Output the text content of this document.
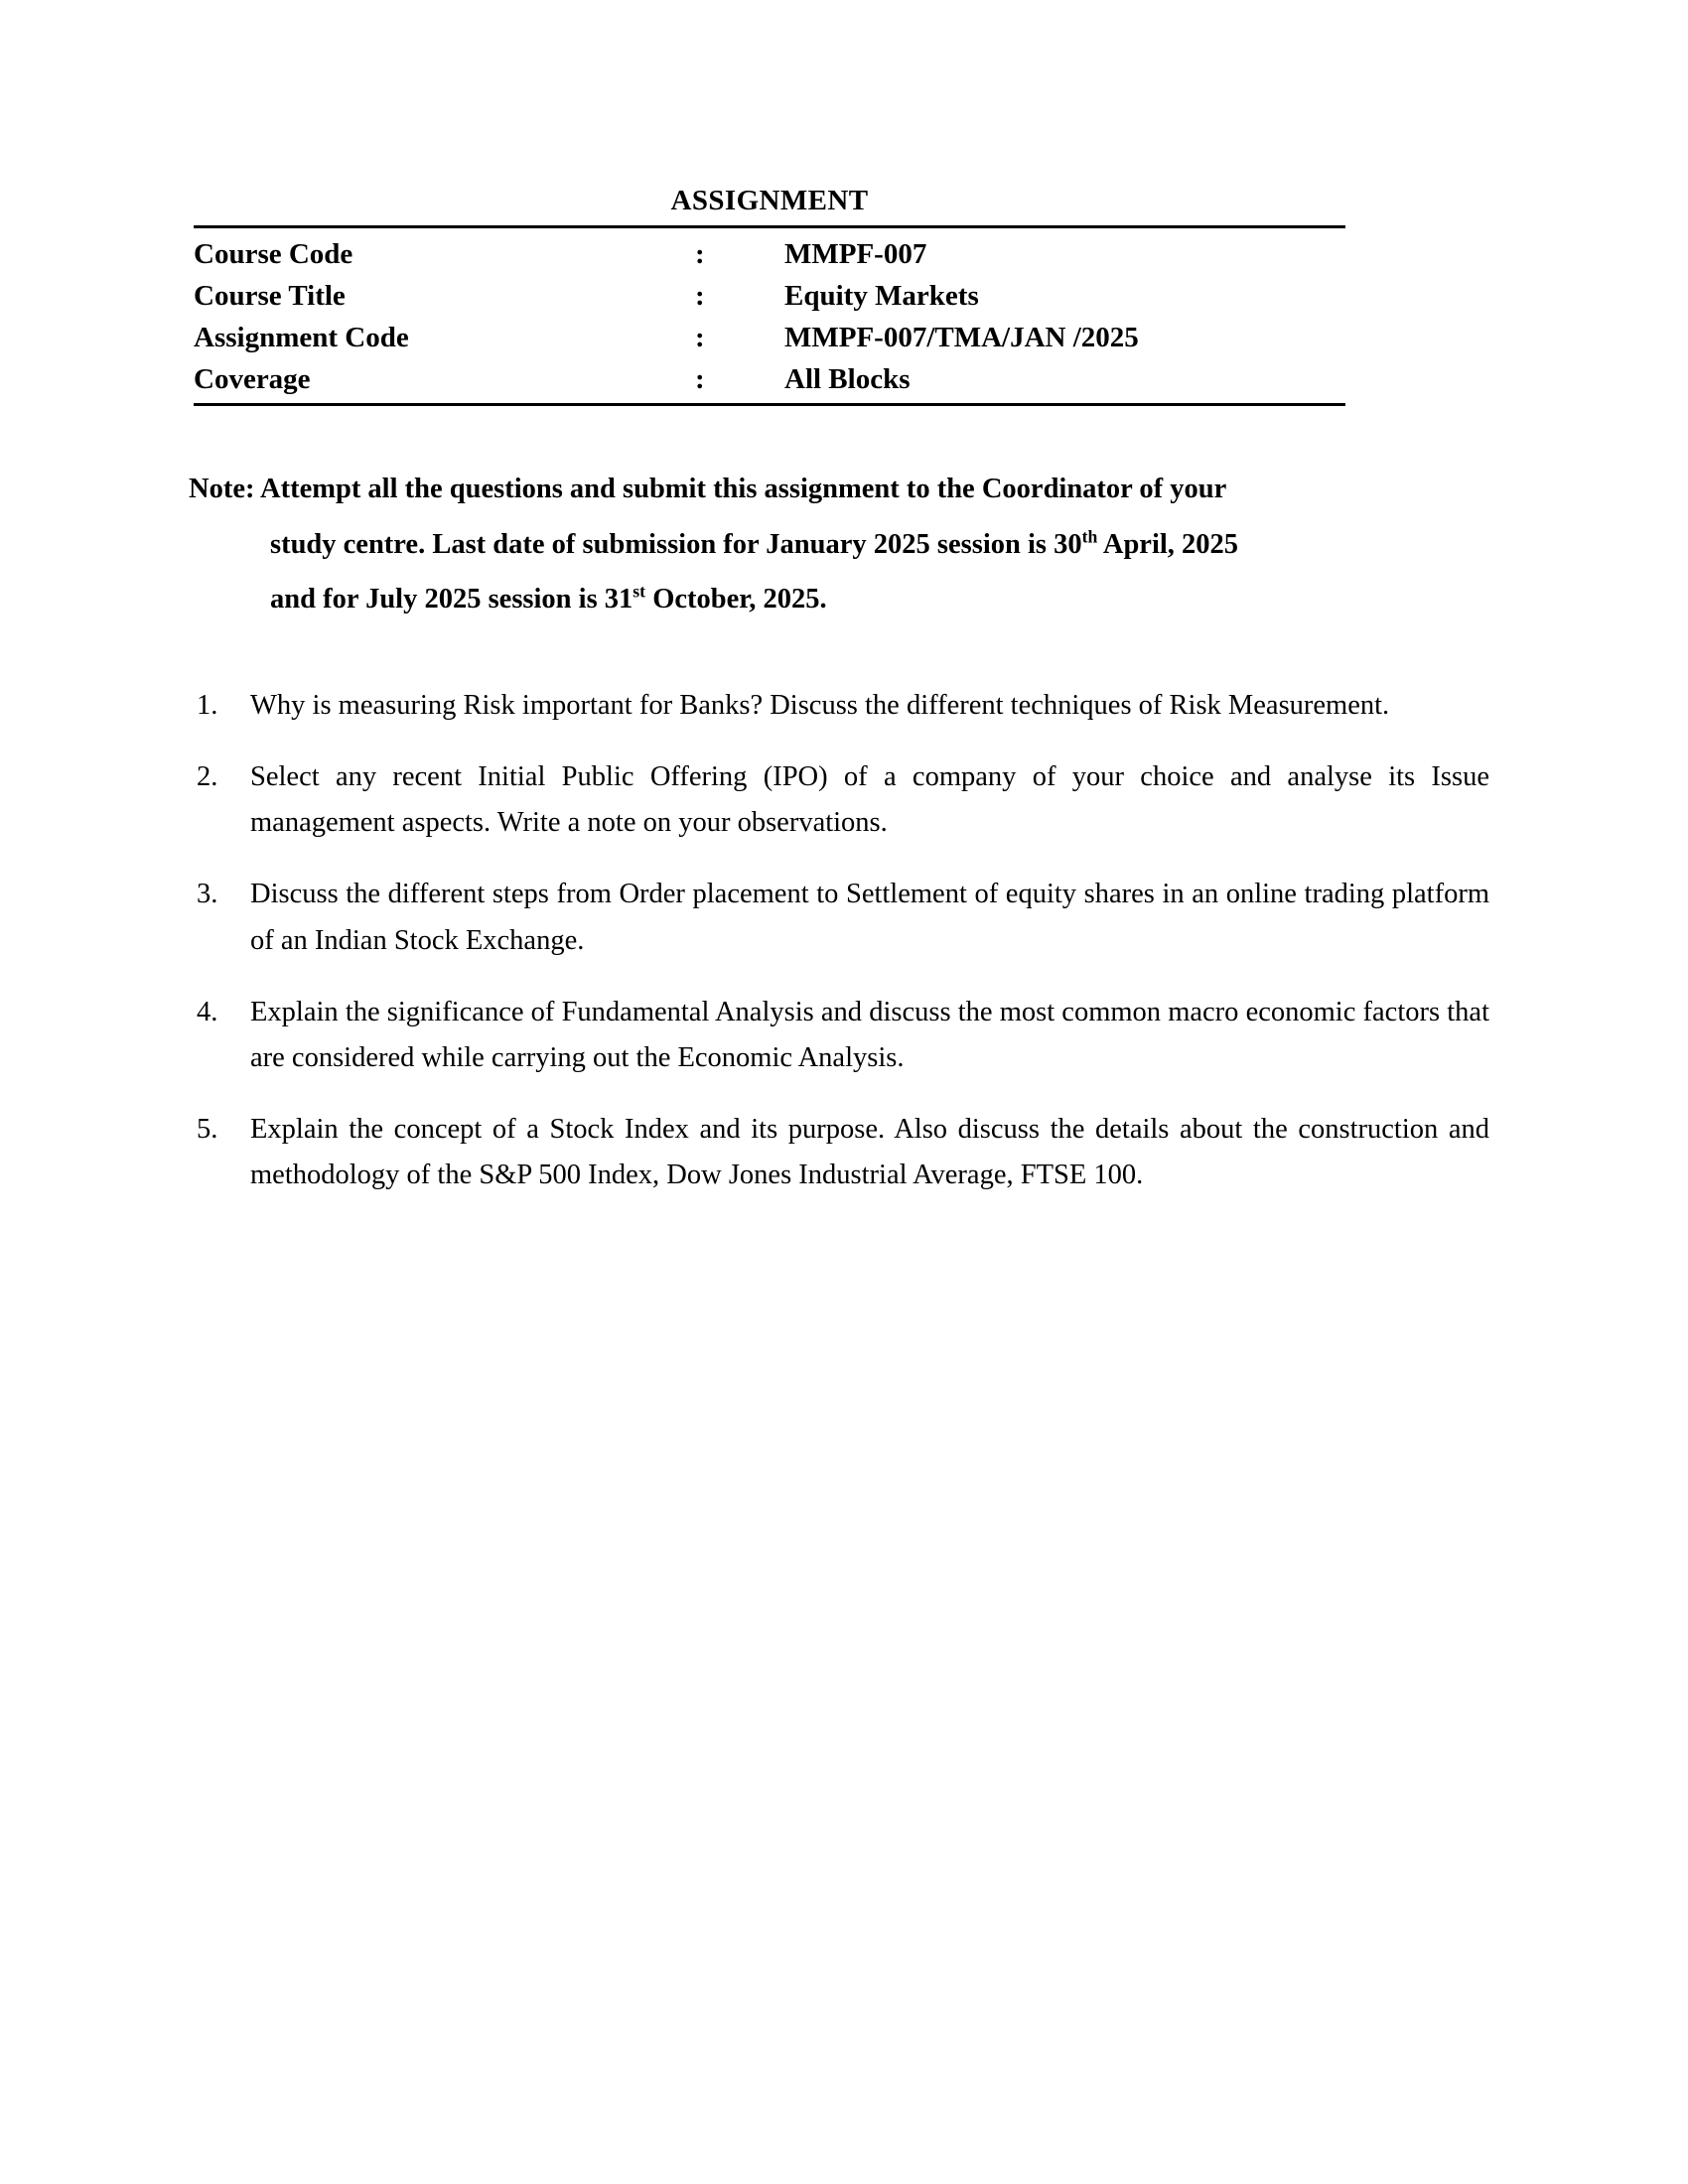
ASSIGNMENT
Course Code	:	MMPF-007
Course Title	:	Equity Markets
Assignment Code	:	MMPF-007/TMA/JAN /2025
Coverage	:	All Blocks
Note: Attempt all the questions and submit this assignment to the Coordinator of your
study centre. Last date of submission for January 2025 session is 30th April, 2025
and for July 2025 session is 31st October, 2025.
1.	Why is measuring Risk important for Banks? Discuss the different techniques of Risk Measurement.
2.	Select any recent Initial Public Offering (IPO) of a company of your choice and analyse its Issue management aspects. Write a note on your observations.
3.	Discuss the different steps from Order placement to Settlement of equity shares in an online trading platform of an Indian Stock Exchange.
4.	Explain the significance of Fundamental Analysis and discuss the most common macro economic factors that are considered while carrying out the Economic Analysis.
5.	Explain the concept of a Stock Index and its purpose. Also discuss the details about the construction and methodology of the S&P 500 Index, Dow Jones Industrial Average, FTSE 100.
